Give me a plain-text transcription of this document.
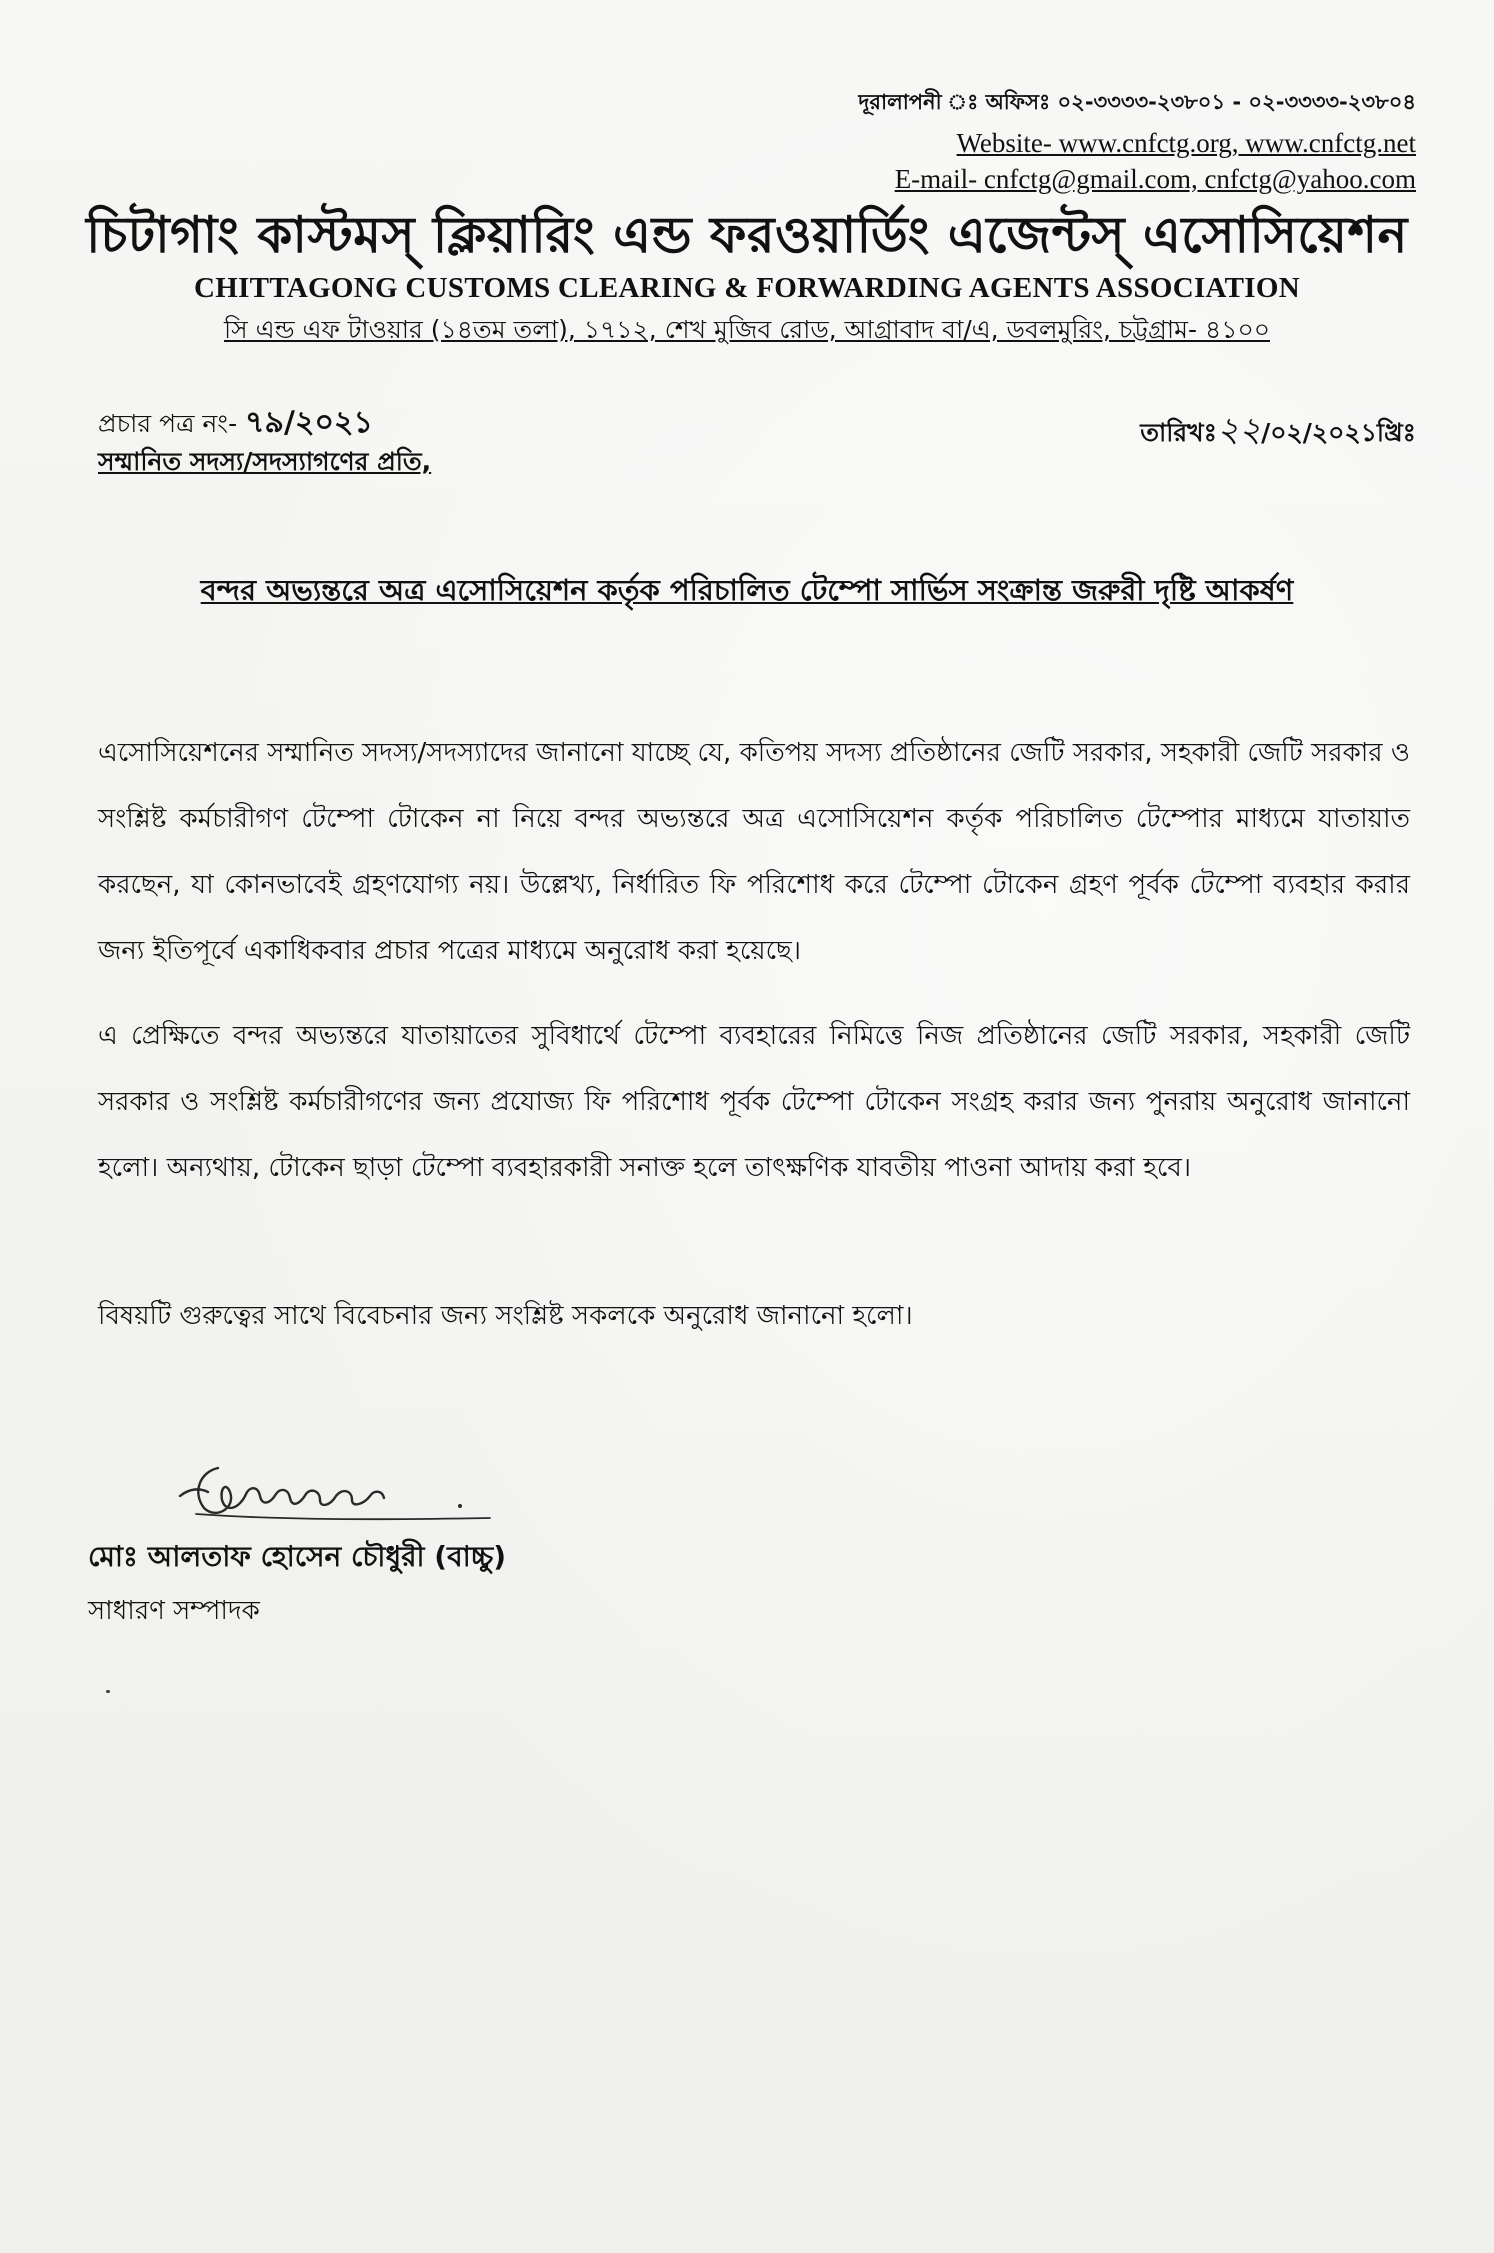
দূরালাপনী ঃ অফিসঃ ০২-৩৩৩৩-২৩৮০১ - ০২-৩৩৩৩-২৩৮০৪
Website- www.cnfctg.org, www.cnfctg.net
E-mail- cnfctg@gmail.com, cnfctg@yahoo.com
চিটাগাং কাস্টমস্ ক্লিয়ারিং এন্ড ফরওয়ার্ডিং এজেন্টস্ এসোসিয়েশন
CHITTAGONG CUSTOMS CLEARING & FORWARDING AGENTS ASSOCIATION
সি এন্ড এফ টাওয়ার (১৪তম তলা), ১৭১২, শেখ মুজিব রোড, আগ্রাবাদ বা/এ, ডবলমুরিং, চট্টগ্রাম- ৪১০০
প্রচার পত্র নং- ৭৯/২০২১	তারিখঃ২২/০২/২০২১খ্রিঃ
সম্মানিত সদস্য/সদস্যাগণের প্রতি,
বন্দর অভ্যন্তরে অত্র এসোসিয়েশন কর্তৃক পরিচালিত টেম্পো সার্ভিস সংক্রান্ত জরুরী দৃষ্টি আকর্ষণ

এসোসিয়েশনের সম্মানিত সদস্য/সদস্যাদের জানানো যাচ্ছে যে, কতিপয় সদস্য প্রতিষ্ঠানের জেটি সরকার, সহকারী জেটি সরকার ও সংশ্লিষ্ট কর্মচারীগণ টেম্পো টোকেন না নিয়ে বন্দর অভ্যন্তরে অত্র এসোসিয়েশন কর্তৃক পরিচালিত টেম্পোর মাধ্যমে যাতায়াত করছেন, যা কোনভাবেই গ্রহণযোগ্য নয়। উল্লেখ্য, নির্ধারিত ফি পরিশোধ করে টেম্পো টোকেন গ্রহণ পূর্বক টেম্পো ব্যবহার করার জন্য ইতিপূর্বে একাধিকবার প্রচার পত্রের মাধ্যমে অনুরোধ করা হয়েছে।

এ প্রেক্ষিতে বন্দর অভ্যন্তরে যাতায়াতের সুবিধার্থে টেম্পো ব্যবহারের নিমিত্তে নিজ প্রতিষ্ঠানের জেটি সরকার, সহকারী জেটি সরকার ও সংশ্লিষ্ট কর্মচারীগণের জন্য প্রযোজ্য ফি পরিশোধ পূর্বক টেম্পো টোকেন সংগ্রহ করার জন্য পুনরায় অনুরোধ জানানো হলো। অন্যথায়, টোকেন ছাড়া টেম্পো ব্যবহারকারী সনাক্ত হলে তাৎক্ষণিক যাবতীয় পাওনা আদায় করা হবে।

বিষয়টি গুরুত্বের সাথে বিবেচনার জন্য সংশ্লিষ্ট সকলকে অনুরোধ জানানো হলো।

মোঃ আলতাফ হোসেন চৌধুরী (বাচ্চু)
সাধারণ সম্পাদক
